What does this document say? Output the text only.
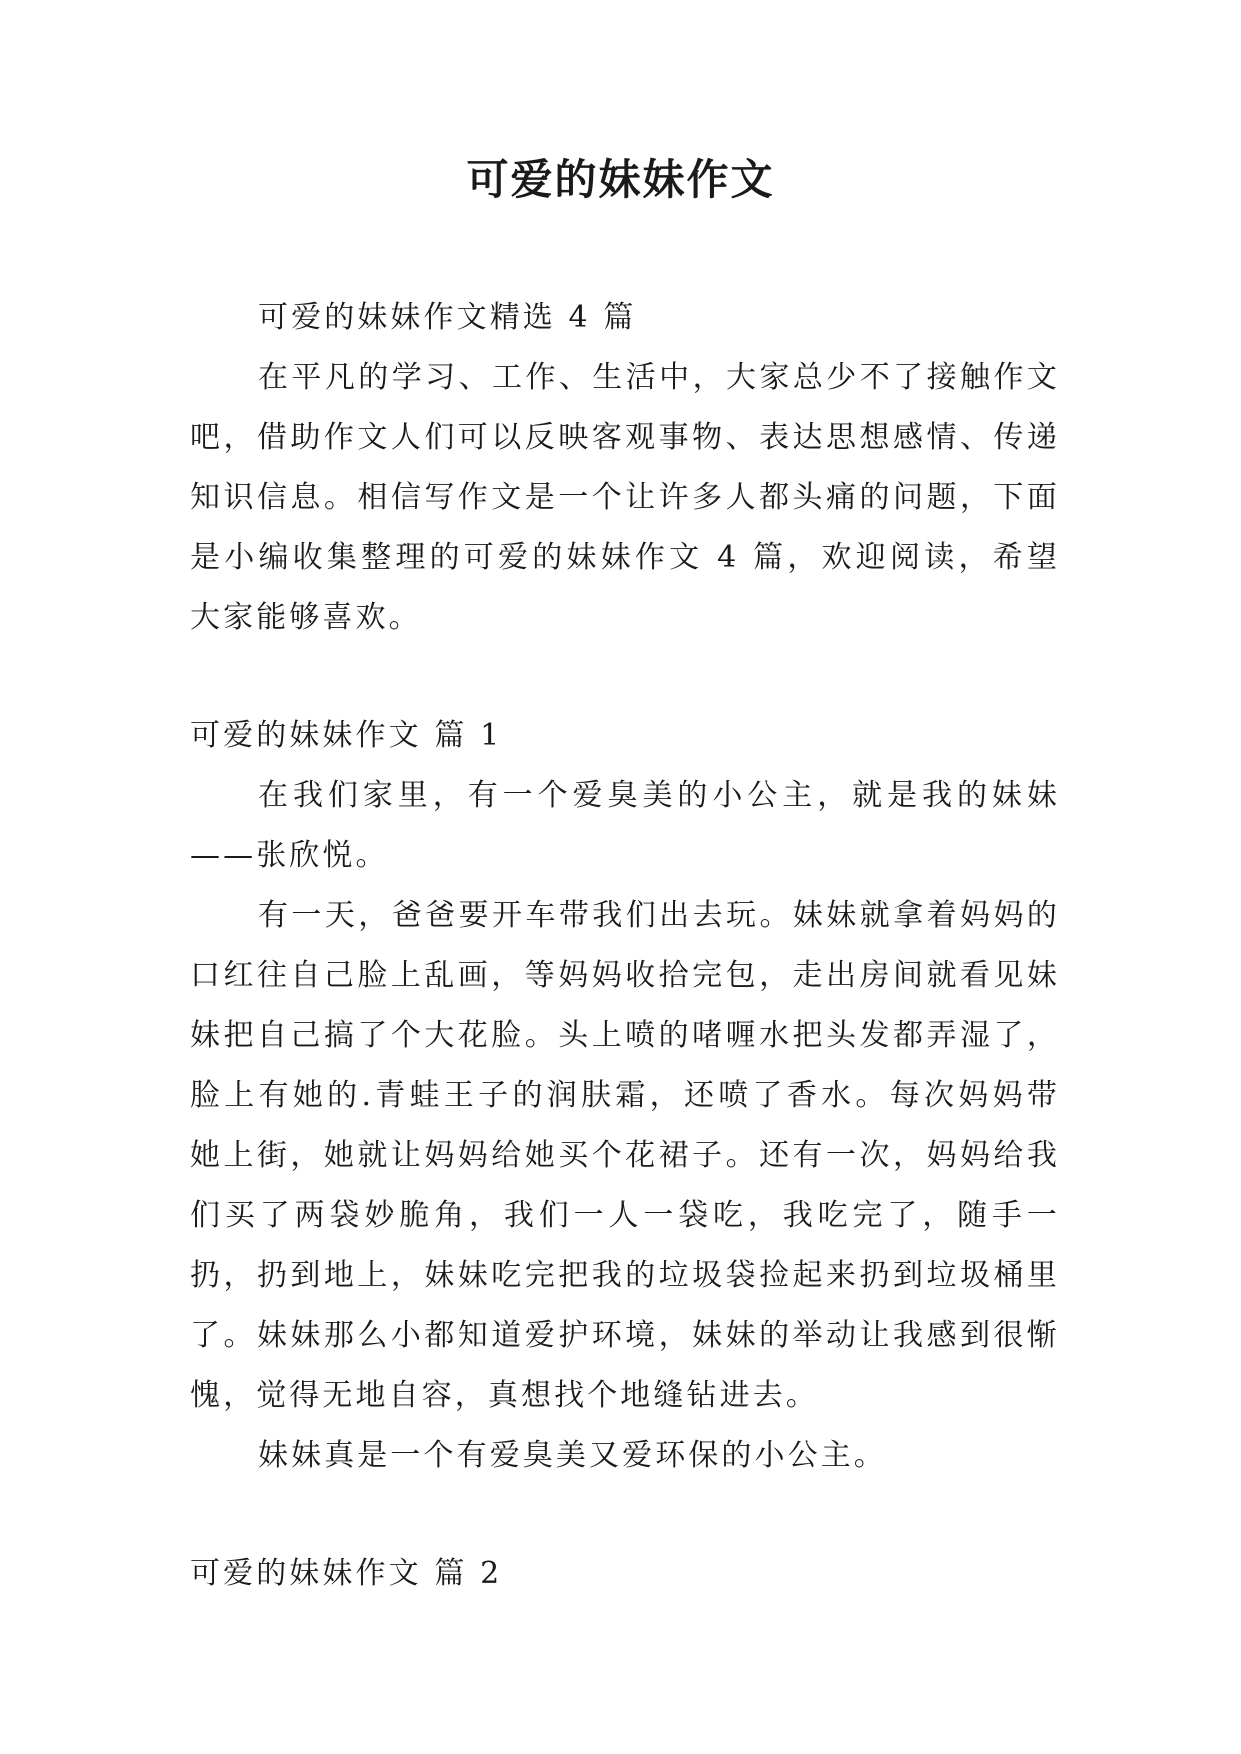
可爱的妹妹作文

可爱的妹妹作文精选 4 篇

在平凡的学习、工作、生活中，大家总少不了接触作文吧，借助作文人们可以反映客观事物、表达思想感情、传递知识信息。相信写作文是一个让许多人都头痛的问题，下面是小编收集整理的可爱的妹妹作文 4 篇，欢迎阅读，希望大家能够喜欢。

可爱的妹妹作文 篇 1

在我们家里，有一个爱臭美的小公主，就是我的妹妹——张欣悦。

有一天，爸爸要开车带我们出去玩。妹妹就拿着妈妈的口红往自己脸上乱画，等妈妈收拾完包，走出房间就看见妹妹把自己搞了个大花脸。头上喷的啫喱水把头发都弄湿了，脸上有她的.青蛙王子的润肤霜，还喷了香水。每次妈妈带她上街，她就让妈妈给她买个花裙子。还有一次，妈妈给我们买了两袋妙脆角，我们一人一袋吃，我吃完了，随手一扔，扔到地上，妹妹吃完把我的垃圾袋捡起来扔到垃圾桶里了。妹妹那么小都知道爱护环境，妹妹的举动让我感到很惭愧，觉得无地自容，真想找个地缝钻进去。

妹妹真是一个有爱臭美又爱环保的小公主。

可爱的妹妹作文 篇 2
